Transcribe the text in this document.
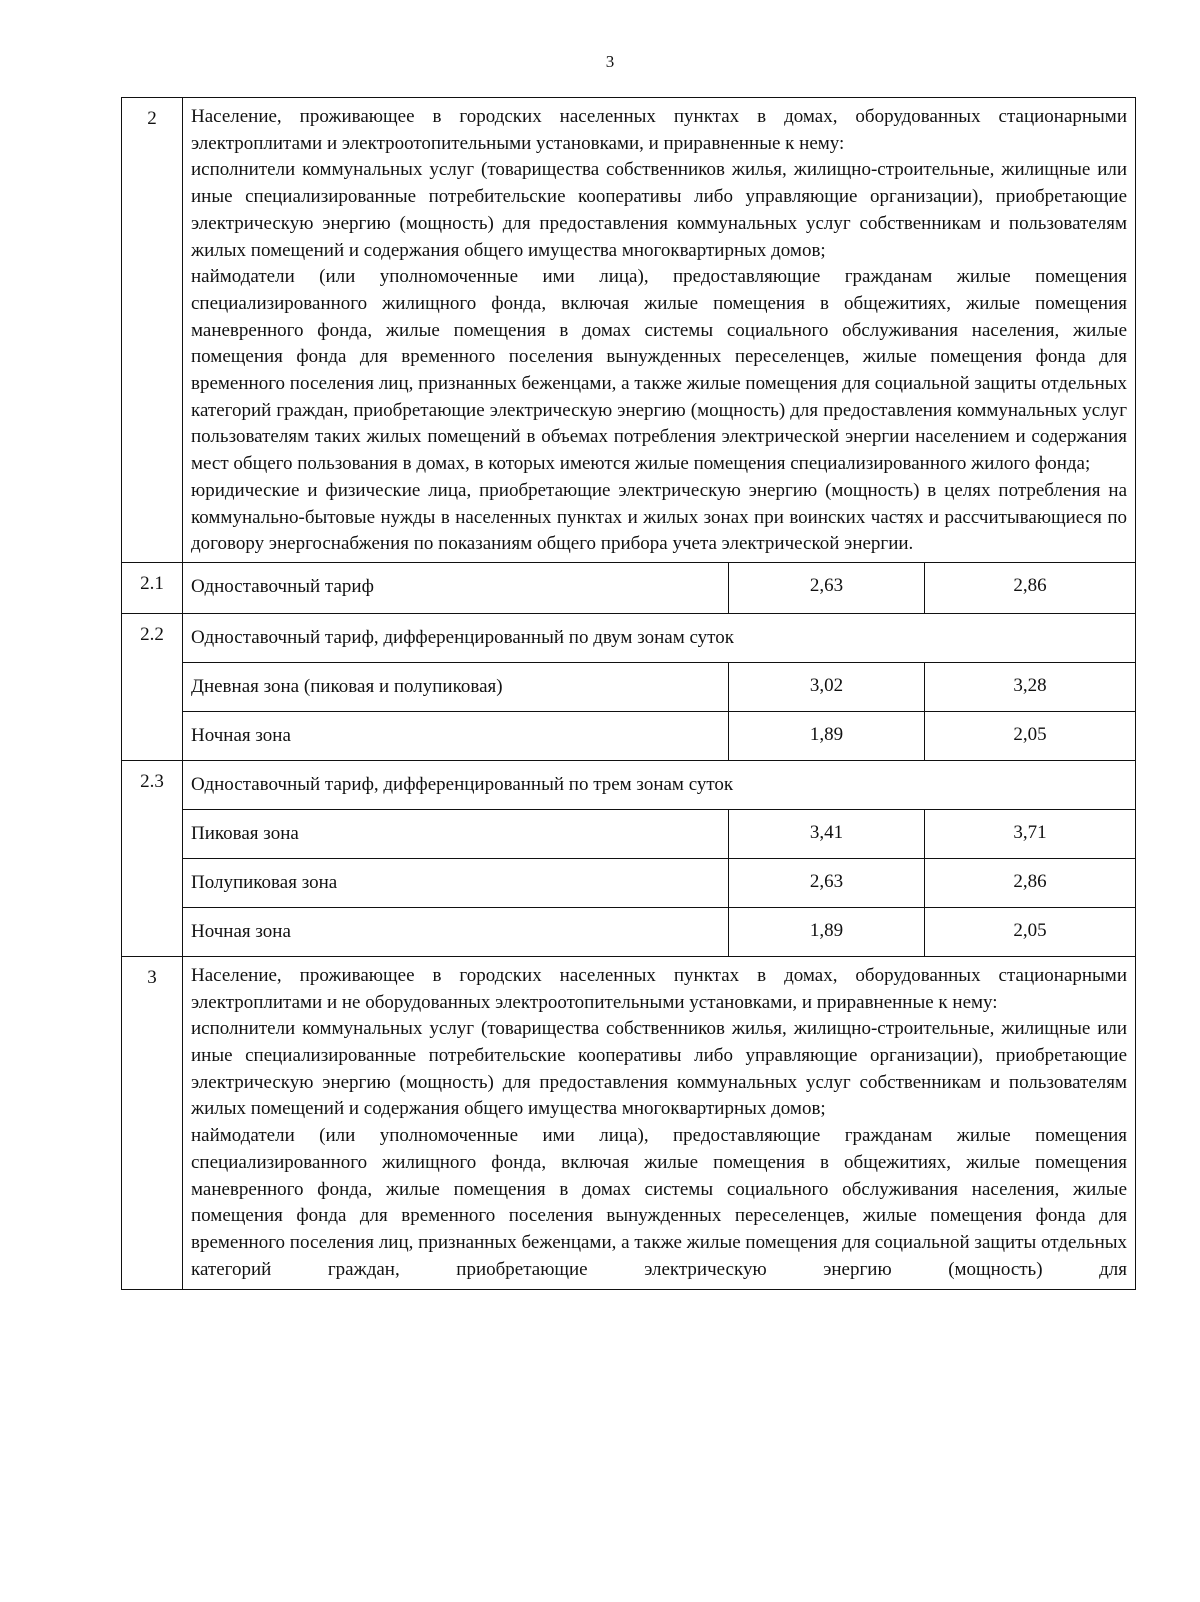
3
2	Население, проживающее в городских населенных пунктах в домах, оборудованных стационарными электроплитами и электроотопительными установками, и приравненные к нему:

исполнители коммунальных услуг (товарищества собственников жилья, жилищно-строительные, жилищные или иные специализированные потребительские кооперативы либо управляющие организации), приобретающие электрическую энергию (мощность) для предоставления коммунальных услуг собственникам и пользователям жилых помещений и содержания общего имущества многоквартирных домов;

наймодатели (или уполномоченные ими лица), предоставляющие гражданам жилые помещения специализированного жилищного фонда, включая жилые помещения в общежитиях, жилые помещения маневренного фонда, жилые помещения в домах системы социального обслуживания населения, жилые помещения фонда для временного поселения вынужденных переселенцев, жилые помещения фонда для временного поселения лиц, признанных беженцами, а также жилые помещения для социальной защиты отдельных категорий граждан, приобретающие электрическую энергию (мощность) для предоставления коммунальных услуг пользователям таких жилых помещений в объемах потребления электрической энергии населением и содержания мест общего пользования в домах, в которых имеются жилые помещения специализированного жилого фонда;

юридические и физические лица, приобретающие электрическую энергию (мощность) в целях потребления на коммунально-бытовые нужды в населенных пунктах и жилых зонах при воинских частях и рассчитывающиеся по договору энергоснабжения по показаниям общего прибора учета электрической энергии.		

2.1	Одноставочный тариф	2,63	2,86
2.2	Одноставочный тариф, дифференцированный по двум зонам суток		
	Дневная зона (пиковая и полупиковая)	3,02	3,28
	Ночная зона	1,89	2,05
2.3	Одноставочный тариф, дифференцированный по трем зонам суток		
	Пиковая зона	3,41	3,71
	Полупиковая зона	2,63	2,86
	Ночная зона	1,89	2,05
3	Население, проживающее в городских населенных пунктах в домах, оборудованных стационарными электроплитами и не оборудованных электроотопительными установками, и приравненные к нему:

исполнители коммунальных услуг (товарищества собственников жилья, жилищно-строительные, жилищные или иные специализированные потребительские кооперативы либо управляющие организации), приобретающие электрическую энергию (мощность) для предоставления коммунальных услуг собственникам и пользователям жилых помещений и содержания общего имущества многоквартирных домов;

наймодатели (или уполномоченные ими лица), предоставляющие гражданам жилые помещения специализированного жилищного фонда, включая жилые помещения в общежитиях, жилые помещения маневренного фонда, жилые помещения в домах системы социального обслуживания населения, жилые помещения фонда для временного поселения вынужденных переселенцев, жилые помещения фонда для временного поселения лиц, признанных беженцами, а также жилые помещения для социальной защиты отдельных категорий граждан, приобретающие электрическую энергию (мощность) для		
